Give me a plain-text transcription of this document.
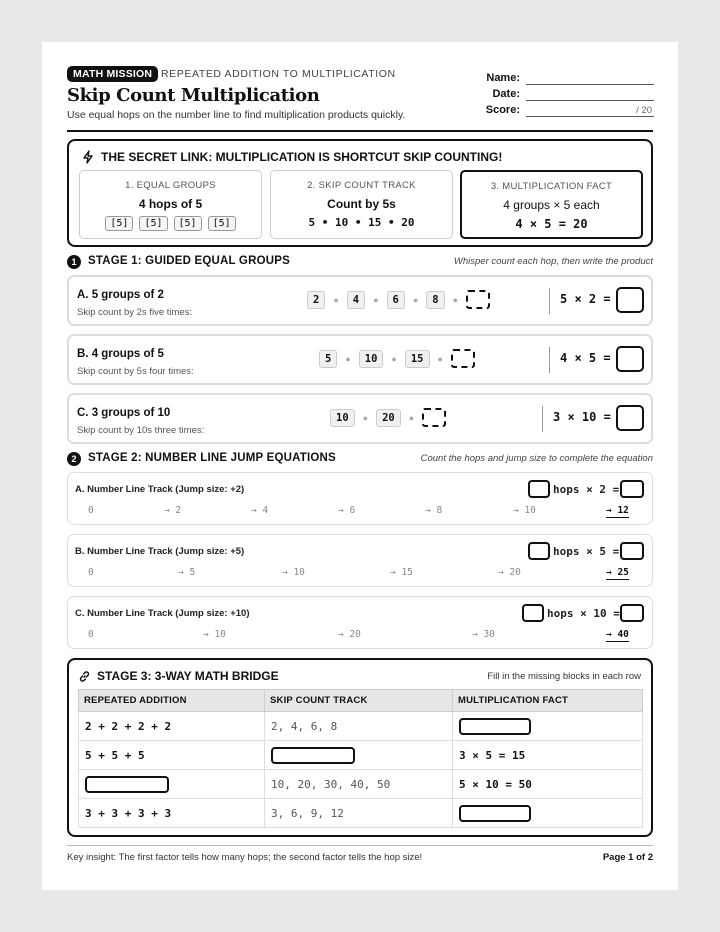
MATH MISSION REPEATED ADDITION TO MULTIPLICATION
Skip Count Multiplication
Use equal hops on the number line to find multiplication products quickly.
Name:
Date:
Score:	/ 20
THE SECRET LINK: MULTIPLICATION IS SHORTCUT SKIP COUNTING!
1. EQUAL GROUPS
4 hops of 5
[5]	[5]	[5]	[5]
2. SKIP COUNT TRACK
Count by 5s
5 • 10 • 15 • 20
3. MULTIPLICATION FACT
4 groups × 5 each
4 × 5 = 20
1	STAGE 1: GUIDED EQUAL GROUPS	Whisper count each hop, then write the product
A. 5 groups of 2
Skip count by 2s five times:
2	●	4	●	6	●	8	●	5 × 2 =
B. 4 groups of 5
Skip count by 5s four times:
5	●	10	●	15	●	4 × 5 =
C. 3 groups of 10
Skip count by 10s three times:
10	●	20	●	3 × 10 =
2	STAGE 2: NUMBER LINE JUMP EQUATIONS	Count the hops and jump size to complete the equation
A. Number Line Track (Jump size: +2)	hops × 2 =
0	→ 2	→ 4	→ 6	→ 8	→ 10	→ 12
B. Number Line Track (Jump size: +5)	hops × 5 =
0	→ 5	→ 10	→ 15	→ 20	→ 25
C. Number Line Track (Jump size: +10)	hops × 10 =
0	→ 10	→ 20	→ 30	→ 40
STAGE 3: 3-WAY MATH BRIDGE	Fill in the missing blocks in each row
REPEATED ADDITION	SKIP COUNT TRACK	MULTIPLICATION FACT
2 + 2 + 2 + 2	2, 4, 6, 8	

5 + 5 + 5		3 × 5 = 15

	10, 20, 30, 40, 50	5 × 10 = 50
3 + 3 + 3 + 3	3, 6, 9, 12	
Key insight: The first factor tells how many hops; the second factor tells the hop size!	Page 1 of 2
